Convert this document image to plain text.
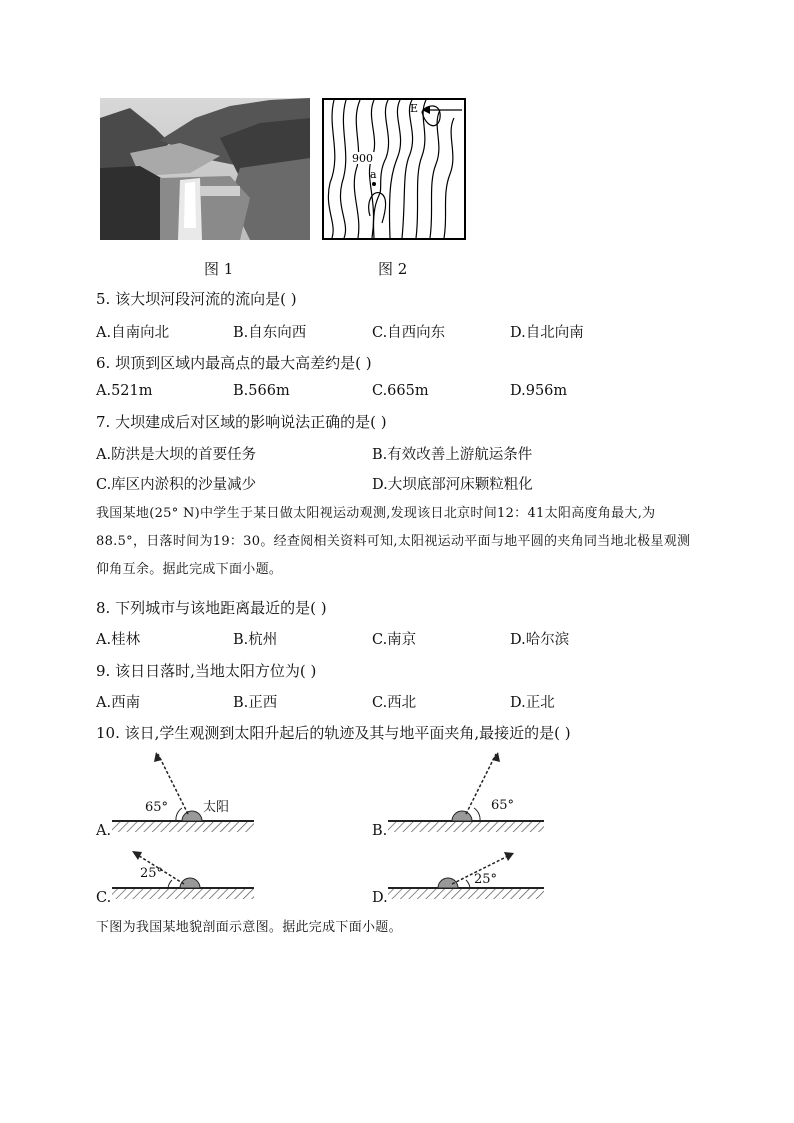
E
900
a
图 1	图 2
5. 该大坝河段河流的流向是( )
A.自南向北	B.自东向西	C.自西向东	D.自北向南
6. 坝顶到区域内最高点的最大高差约是( )
A.521m	B.566m	C.665m	D.956m
7. 大坝建成后对区域的影响说法正确的是( )
A.防洪是大坝的首要任务	B.有效改善上游航运条件
C.库区内淤积的沙量减少	D.大坝底部河床颗粒粗化
我国某地(25° N)中学生于某日做太阳视运动观测,发现该日北京时间12：41太阳高度角最大,为88.5°，日落时间为19：30。经查阅相关资料可知,太阳视运动平面与地平圆的夹角同当地北极星观测仰角互余。据此完成下面小题。
8. 下列城市与该地距离最近的是( )
A.桂林	B.杭州	C.南京	D.哈尔滨
9. 该日日落时,当地太阳方位为( )
A.西南	B.正西	C.西北	D.正北
10. 该日,学生观测到太阳升起后的轨迹及其与地平面夹角,最接近的是( )
A.
65°	太阳
B.
65°
C.
25°
D.
25°
下图为我国某地貌剖面示意图。据此完成下面小题。
